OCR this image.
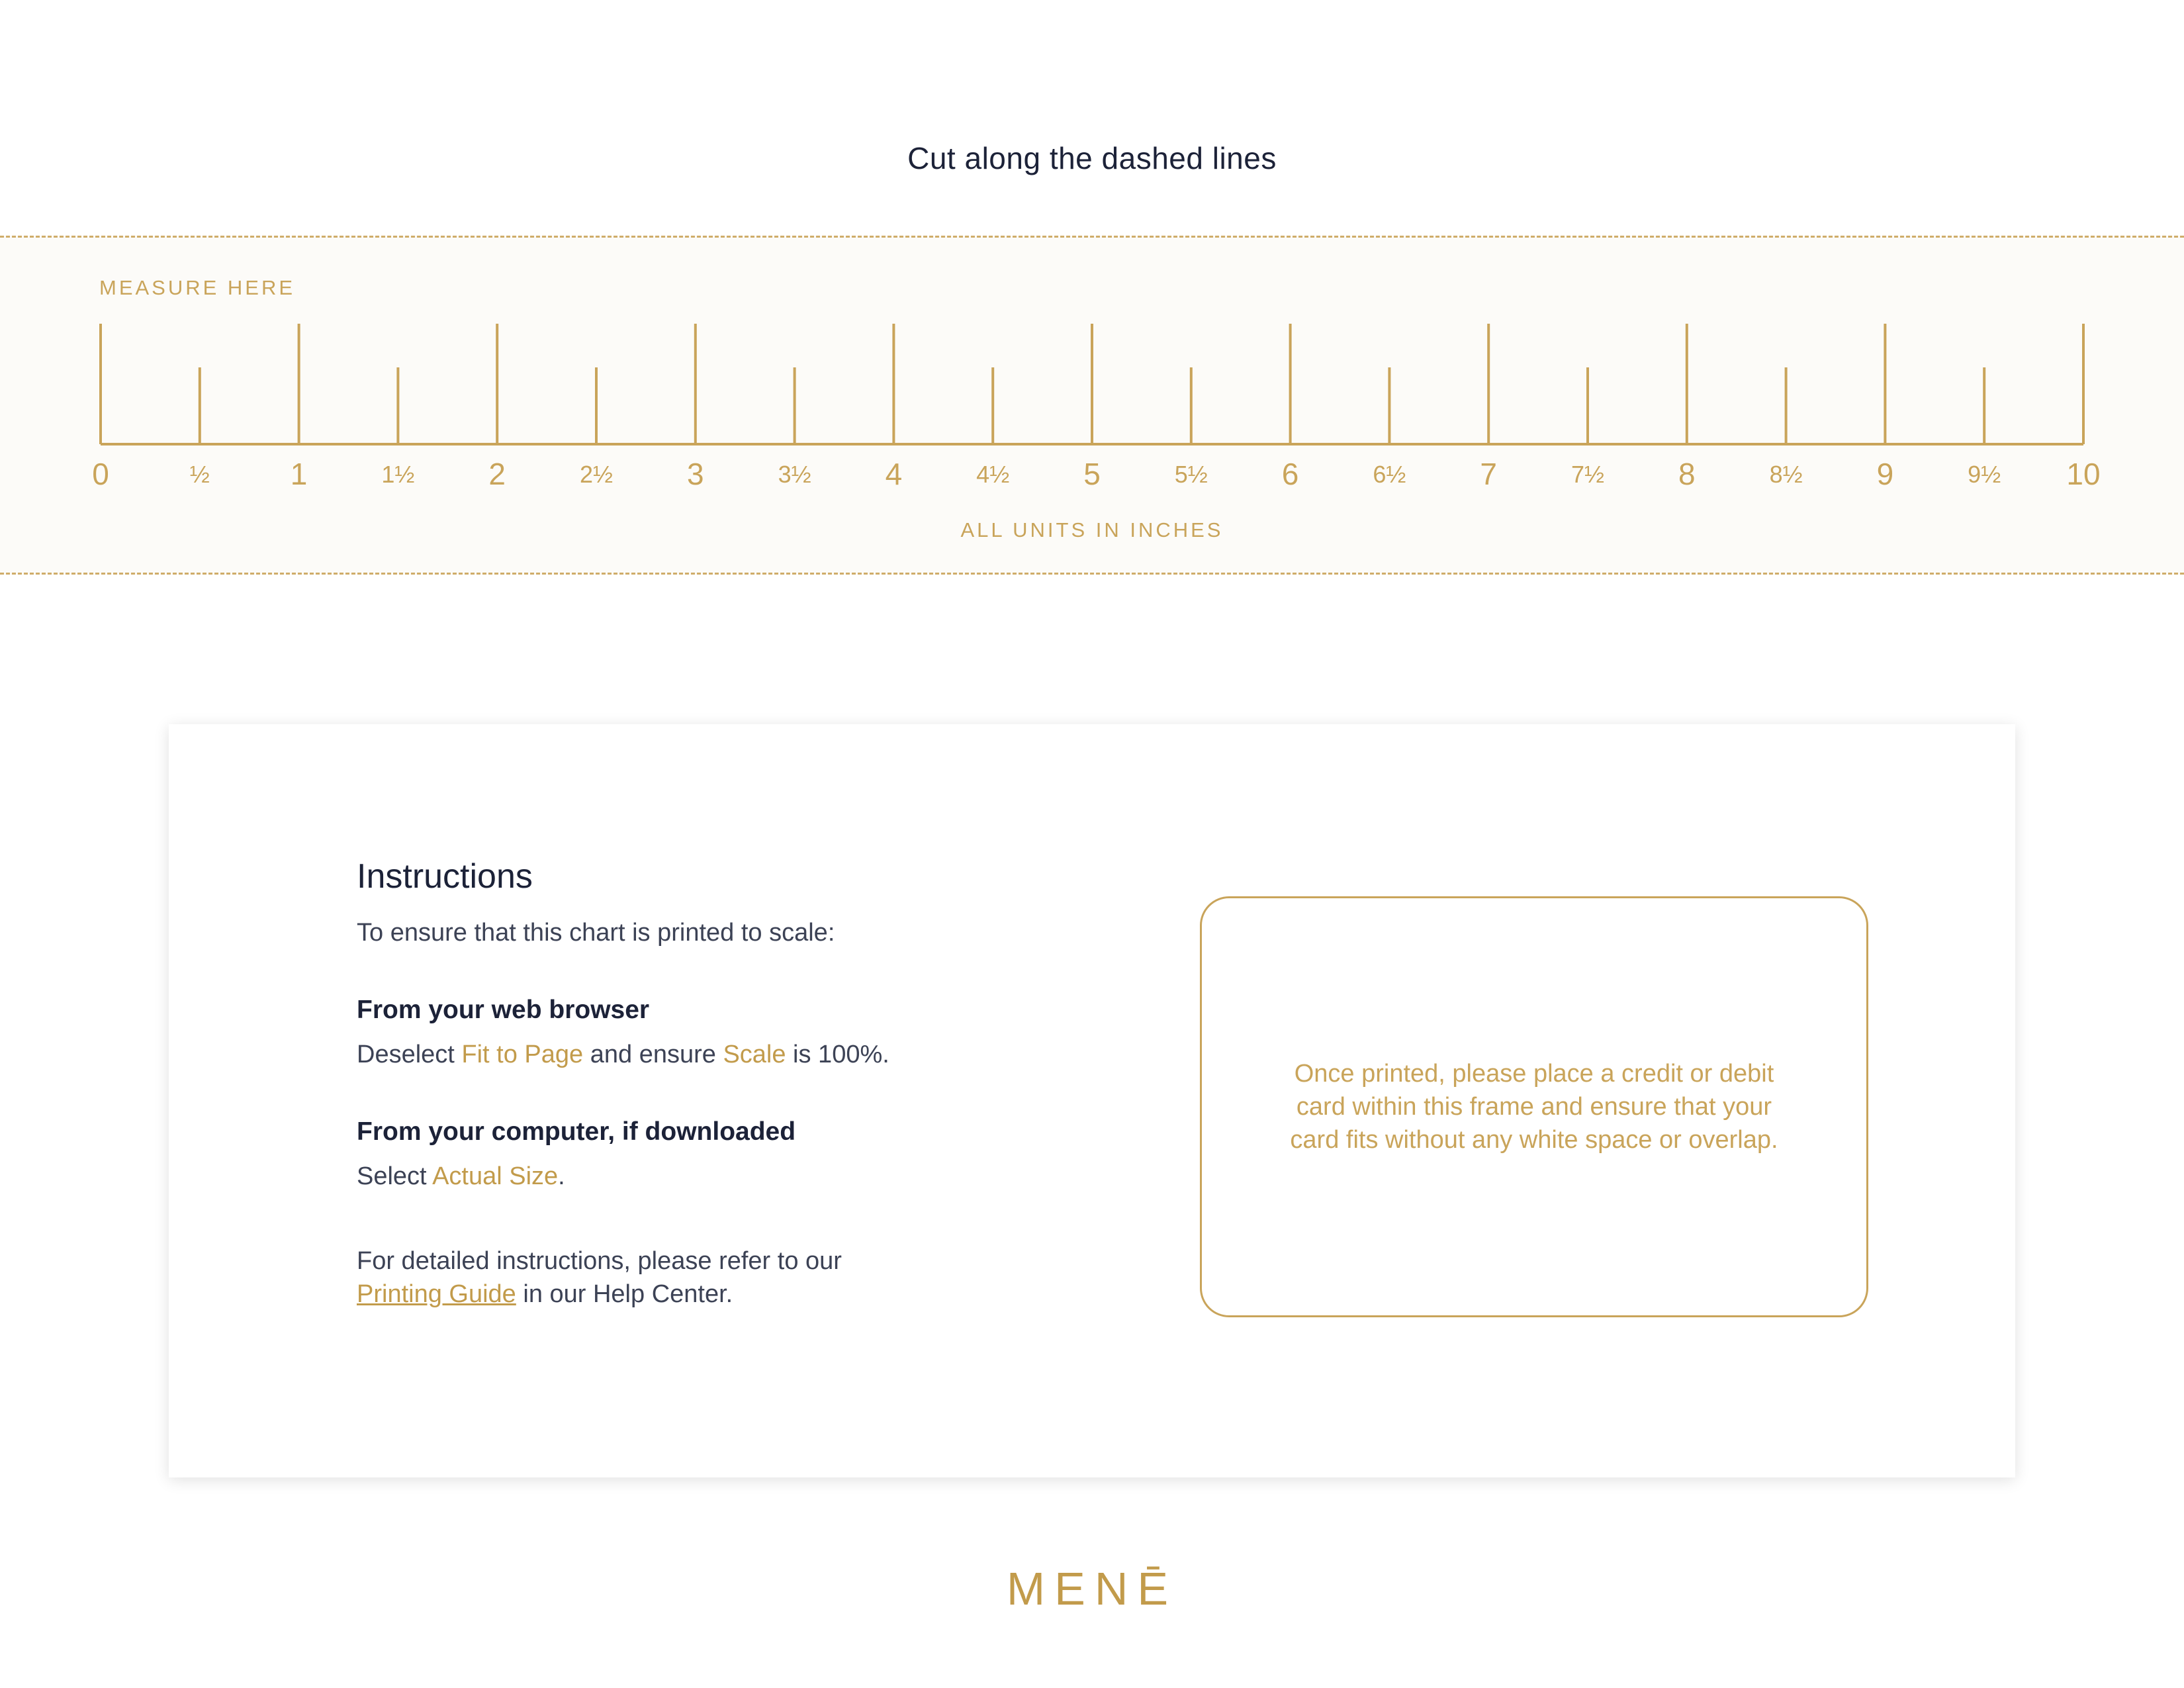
Cut along the dashed lines
MEASURE HERE
0	½	1	1½ 2	2½ 3	3½ 4	4½ 5	5½ 6	6½ 7	7½ 8	8½ 9	9½ 10
ALL UNITS IN INCHES
Instructions

To ensure that this chart is printed to scale:

From your web browser

Deselect Fit to Page and ensure Scale is 100%.

From your computer, if downloaded

Select Actual Size.

For detailed instructions, please refer to our
Printing Guide in our Help Center.

Once printed, please place a credit or debit card within this frame and ensure that your card fits without any white space or overlap.

MENĒ
